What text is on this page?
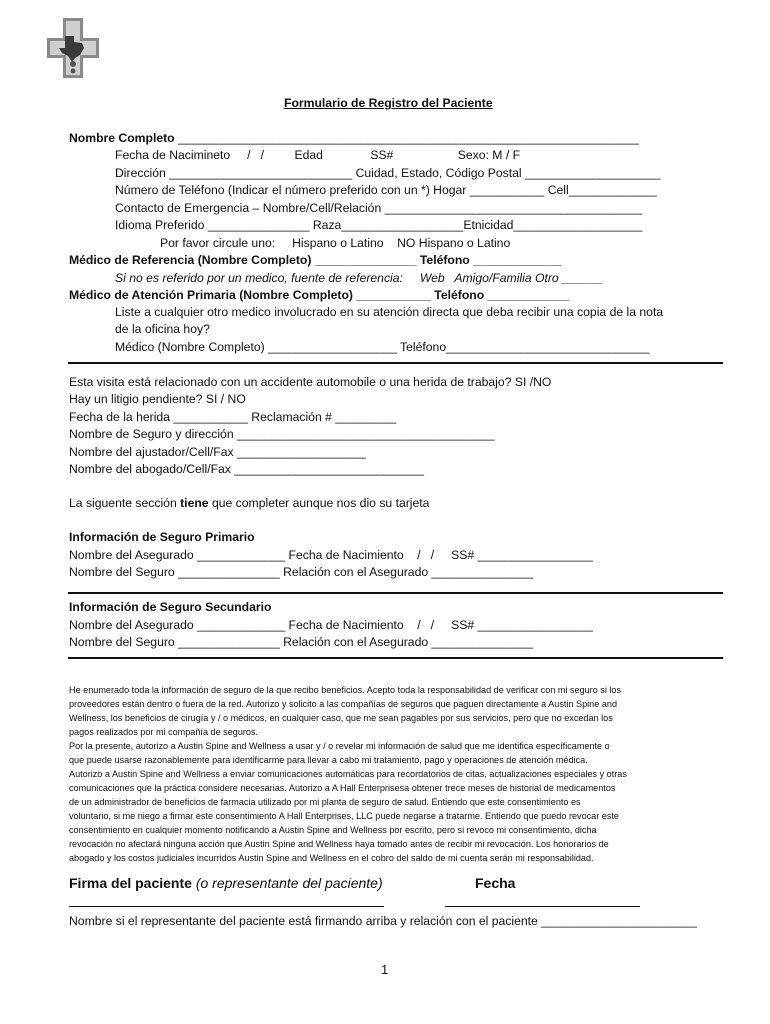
Formulario de Registro del Paciente
Nombre Completo ____________________________________________________________________
Fecha de Nacimineto     /   /         Edad              SS#                   Sexo: M / F
Dirección ___________________________ Cuidad, Estado, Código Postal ____________________
Número de Teléfono (Indicar el número preferido con un *) Hogar ___________ Cell_____________
Contacto de Emergencia – Nombre/Cell/Relación ______________________________________
Idioma Preferido _______________ Raza__________________Etnicidad___________________
Por favor circule uno:     Hispano o Latino    NO Hispano o Latino
Médico de Referencia (Nombre Completo) _______________ Teléfono _____________
Si no es referido por un medico, fuente de referencia:     Web   Amigo/Familia Otro ______
Médico de Atención Primaria (Nombre Completo) ___________ Teléfono ____________
Liste a cualquier otro medico involucrado en su atención directa que deba recibir una copia de la nota
de la oficina hoy?
Médico (Nombre Completo) ___________________ Teléfono______________________________
Esta visita está relacionado con un accidente automobile o una herida de trabajo? SI /NO
Hay un litigio pendiente? SI / NO
Fecha de la herida ___________ Reclamación # _________
Nombre de Seguro y dirección ______________________________________
Nombre del ajustador/Cell/Fax ___________________
Nombre del abogado/Cell/Fax ____________________________
La siguente sección tiene que completer aunque nos dio su tarjeta
Información de Seguro Primario
Nombre del Asegurado _____________ Fecha de Nacimiento    /   /     SS# _________________
Nombre del Seguro _______________ Relación con el Asegurado _______________
Información de Seguro Secundario
Nombre del Asegurado _____________ Fecha de Nacimiento    /   /     SS# _________________
Nombre del Seguro _______________ Relación con el Asegurado _______________

He enumerado toda la información de seguro de la que recibo beneficios. Acepto toda la responsabilidad de verificar con mi seguro si los
proveedores están dentro o fuera de la red. Autorizo y solicito a las compañías de seguros que paguen directamente a Austin Spine and
Wellness, los beneficios de cirugía y / o médicos, en cualquier caso, que me sean pagables por sus servicios, pero que no excedan los
pagos realizados por mi compañía de seguros.
Por la presente, autorizo a Austin Spine and Wellness a usar y / o revelar mi información de salud que me identifica específicamente o
que puede usarse razonablemente para identificarme para llevar a cabo mi tratamiento, pago y operaciones de atención médica.
Autorizo a Austin Spine and Wellness a enviar comunicaciones automáticas para recordatorios de citas, actualizaciones especiales y otras
comunicaciones que la práctica considere necesarias. Autorizo a A Hall Enterprisesa obtener trece meses de historial de medicamentos
de un administrador de beneficios de farmacia utilizado por mi planta de seguro de salud. Entiendo que este consentimiento es
voluntario, si me niego a firmar este consentimiento A Hall Enterprises, LLC puede negarse a tratarme. Entiendo que puedo revocar este
consentimiento en cualquier momento notificando a Austin Spine and Wellness por escrito, pero si revoco mi consentimiento, dicha
revocación no afectará ninguna acción que Austin Spine and Wellness haya tomado antes de recibir mi revocación. Los honorarios de
abogado y los costos judiciales incurridos Austin Spine and Wellness en el cobro del saldo de mi cuenta serán mi responsabilidad.

Firma del paciente (o representante del paciente)	Fecha
Nombre si el representante del paciente está firmando arriba y relación con el paciente _______________________
1
